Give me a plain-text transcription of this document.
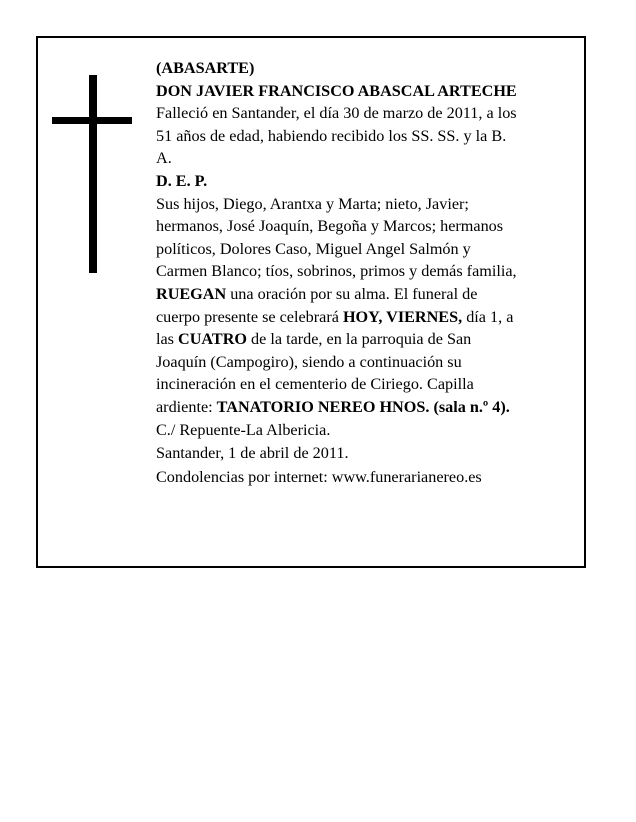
(ABASARTE)
DON JAVIER FRANCISCO ABASCAL ARTECHE
Falleció en Santander, el día 30 de marzo de 2011, a los
51 años de edad, habiendo recibido los SS. SS. y la B.
A.
D. E. P.
Sus hijos, Diego, Arantxa y Marta; nieto, Javier;
hermanos, José Joaquín, Begoña y Marcos; hermanos
políticos, Dolores Caso, Miguel Angel Salmón y
Carmen Blanco; tíos, sobrinos, primos y demás familia,
RUEGAN una oración por su alma. El funeral de
cuerpo presente se celebrará HOY, VIERNES, día 1, a
las CUATRO de la tarde, en la parroquia de San
Joaquín (Campogiro), siendo a continuación su
incineración en el cementerio de Ciriego. Capilla
ardiente: TANATORIO NEREO HNOS. (sala n.º 4).
C./ Repuente-La Albericia.
Santander, 1 de abril de 2011.
Condolencias por internet: www.funerarianereo.es
